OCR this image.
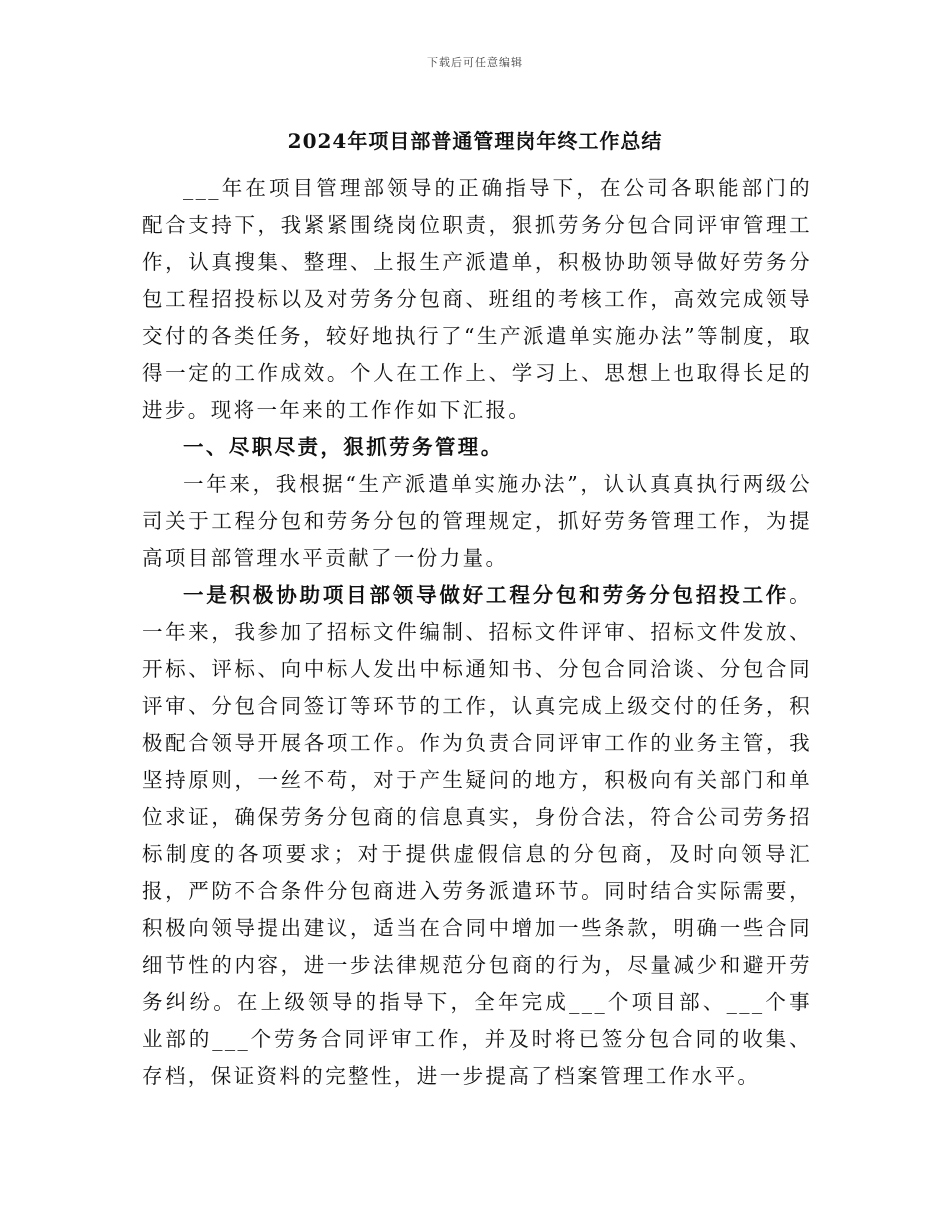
下载后可任意编辑
2024年项目部普通管理岗年终工作总结

___年在项目管理部领导的正确指导下，在公司各职能部门的配合支持下，我紧紧围绕岗位职责，狠抓劳务分包合同评审管理工作，认真搜集、整理、上报生产派遣单，积极协助领导做好劳务分包工程招投标以及对劳务分包商、班组的考核工作，高效完成领导交付的各类任务，较好地执行了“生产派遣单实施办法”等制度，取得一定的工作成效。个人在工作上、学习上、思想上也取得长足的进步。现将一年来的工作作如下汇报。

一、尽职尽责，狠抓劳务管理。

一年来，我根据“生产派遣单实施办法”，认认真真执行两级公司关于工程分包和劳务分包的管理规定，抓好劳务管理工作，为提高项目部管理水平贡献了一份力量。

一是积极协助项目部领导做好工程分包和劳务分包招投工作。一年来，我参加了招标文件编制、招标文件评审、招标文件发放、开标、评标、向中标人发出中标通知书、分包合同洽谈、分包合同评审、分包合同签订等环节的工作，认真完成上级交付的任务，积极配合领导开展各项工作。作为负责合同评审工作的业务主管，我坚持原则，一丝不苟，对于产生疑问的地方，积极向有关部门和单位求证，确保劳务分包商的信息真实，身份合法，符合公司劳务招标制度的各项要求；对于提供虚假信息的分包商，及时向领导汇报，严防不合条件分包商进入劳务派遣环节。同时结合实际需要，积极向领导提出建议，适当在合同中增加一些条款，明确一些合同细节性的内容，进一步法律规范分包商的行为，尽量减少和避开劳务纠纷。在上级领导的指导下，全年完成___个项目部、___个事业部的___个劳务合同评审工作，并及时将已签分包合同的收集、存档，保证资料的完整性，进一步提高了档案管理工作水平。
